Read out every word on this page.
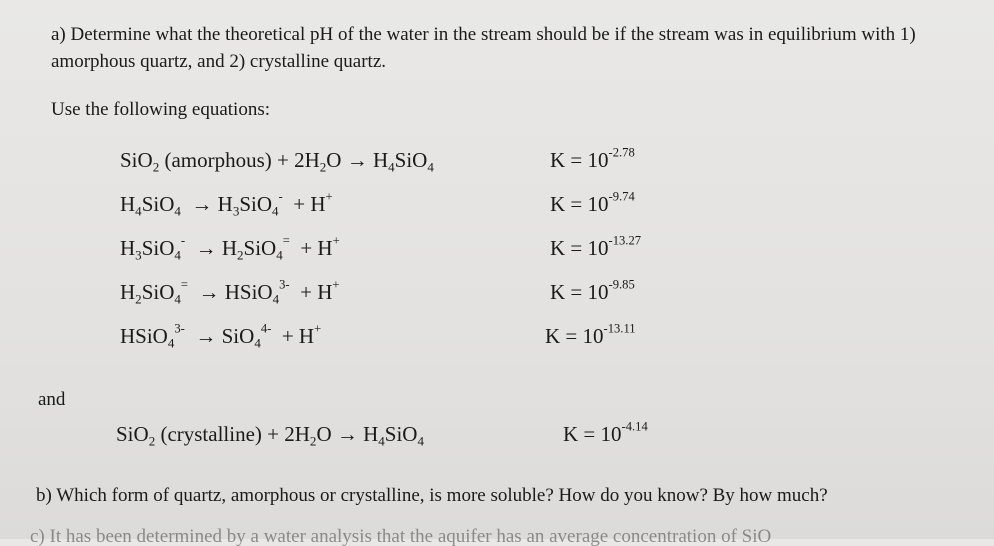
a) Determine what the theoretical pH of the water in the stream should be if the stream was in equilibrium with 1)
amorphous quartz, and 2) crystalline quartz.
Use the following equations:
SiO$_2$ (amorphous) + $2H_2O \to H_4SiO_4$	$K = 10^{-2.78}$
$H_4SiO_4 \to H_3SiO_4^- + H^+$	$K = 10^{-9.74}$
$H_3SiO_4^- \to H_2SiO_4^= + H^+$	$K = 10^{-13.27}$
$H_2SiO_4^=$  → HSiO$_4^{3-}$  + H+	$K = 10^{-9.85}$
HSiO$_4^{3-}$  → SiO$_4^{4-}$  + H+	$K = 10^{-13.11}$
and
SiO$_2$ (crystalline) + $2H_2O \to H_4SiO_4$	$K = 10^{-4.14}$
b) Which form of quartz, amorphous or crystalline, is more soluble? How do you know? By how much?
c) It has been determined by a water analysis that the aquifer has an average concentration of SiO
